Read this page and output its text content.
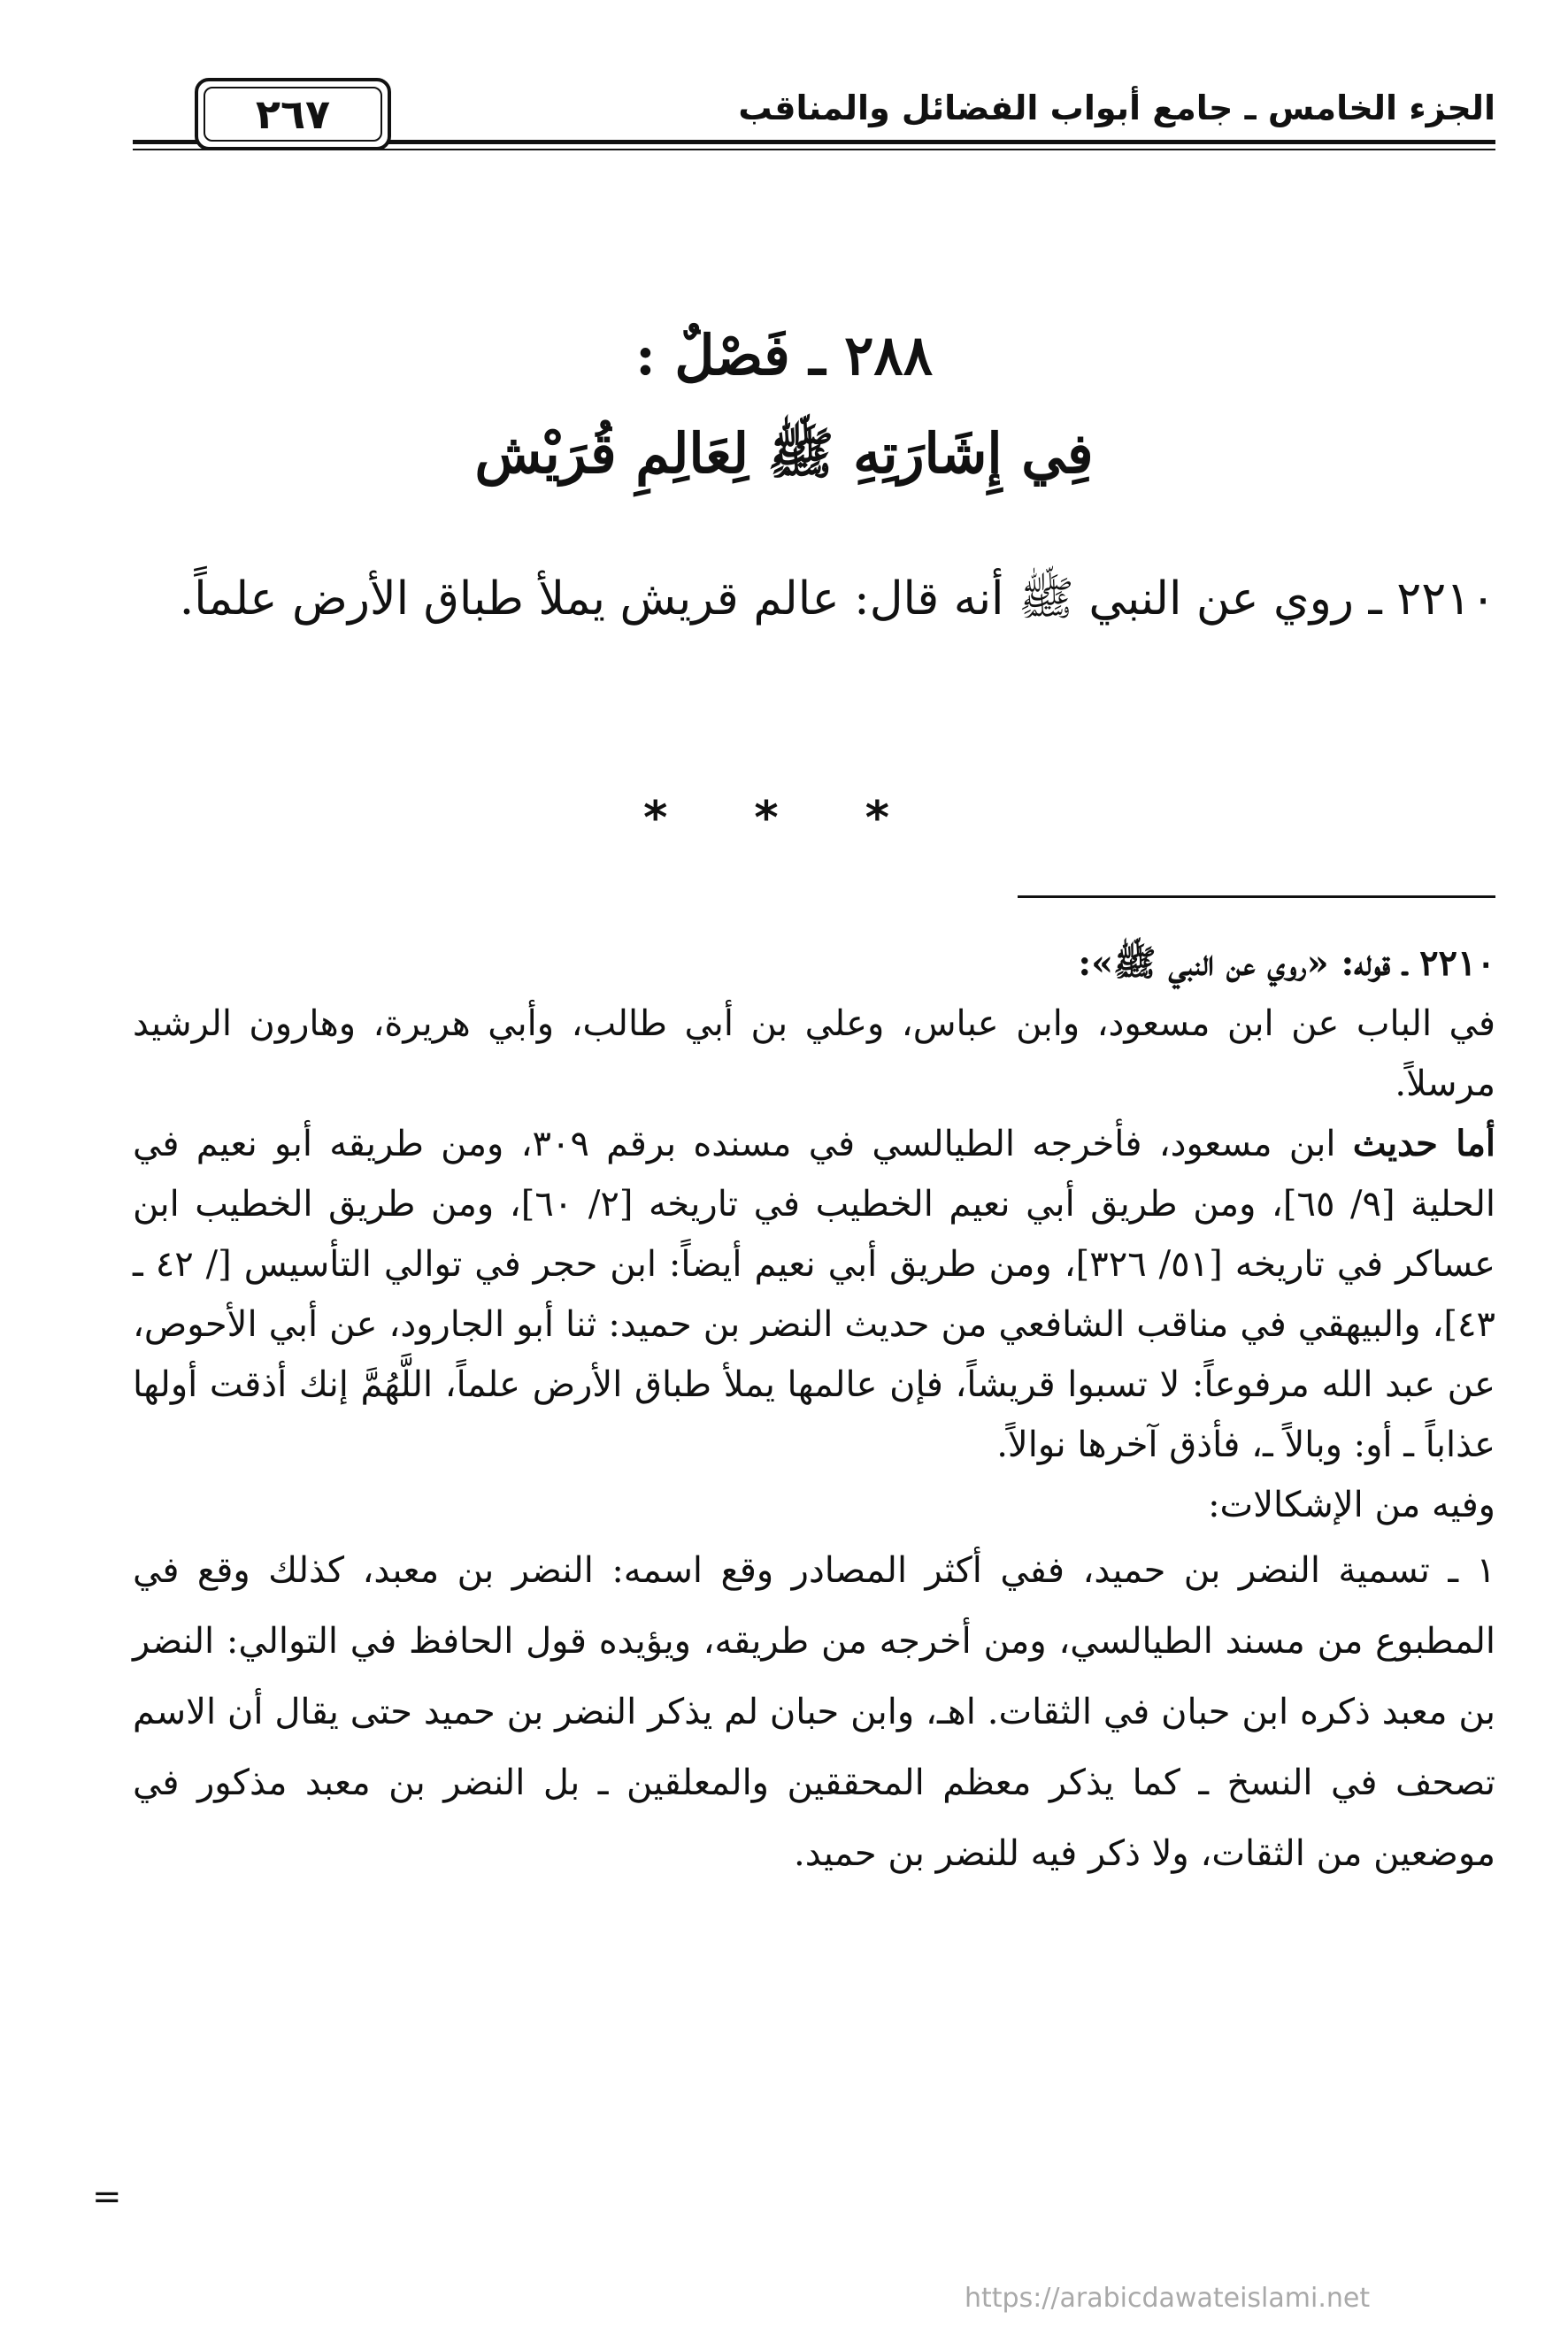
الجزء الخامس ـ جامع أبواب الفضائل والمناقب
٢٦٧
٢٨٨ ـ فَصْلٌ :
فِي إِشَارَتِهِ ﷺ لِعَالِمِ قُرَيْش

٢٢١٠ ـ روي عن النبي ﷺ أنه قال: عالم قريش يملأ طباق الأرض علماً.

* * *

٢٢١٠ ـ قوله: «روي عن النبي ﷺ»:

في الباب عن ابن مسعود، وابن عباس، وعلي بن أبي طالب، وأبي هريرة، وهارون الرشيد مرسلاً.

أما حديث ابن مسعود، فأخرجه الطيالسي في مسنده برقم ٣٠٩، ومن طريقه أبو نعيم في الحلية [٩/ ٦٥]، ومن طريق أبي نعيم الخطيب في تاريخه [٢/ ٦٠]، ومن طريق الخطيب ابن عساكر في تاريخه [٥١/ ٣٢٦]، ومن طريق أبي نعيم أيضاً: ابن حجر في توالي التأسيس [/ ٤٢ ـ ٤٣]، والبيهقي في مناقب الشافعي من حديث النضر بن حميد: ثنا أبو الجارود، عن أبي الأحوص، عن عبد الله مرفوعاً: لا تسبوا قريشاً، فإن عالمها يملأ طباق الأرض علماً، اللَّهُمَّ إنك أذقت أولها عذاباً ـ أو: وبالاً ـ، فأذق آخرها نوالاً.

وفيه من الإشكالات:

١ ـ تسمية النضر بن حميد، ففي أكثر المصادر وقع اسمه: النضر بن معبد، كذلك وقع في المطبوع من مسند الطيالسي، ومن أخرجه من طريقه، ويؤيده قول الحافظ في التوالي: النضر بن معبد ذكره ابن حبان في الثقات. اهـ، وابن حبان لم يذكر النضر بن حميد حتى يقال أن الاسم تصحف في النسخ ـ كما يذكر معظم المحققين والمعلقين ـ بل النضر بن معبد مذكور في موضعين من الثقات، ولا ذكر فيه للنضر بن حميد.

=
https://arabicdawateislami.net
